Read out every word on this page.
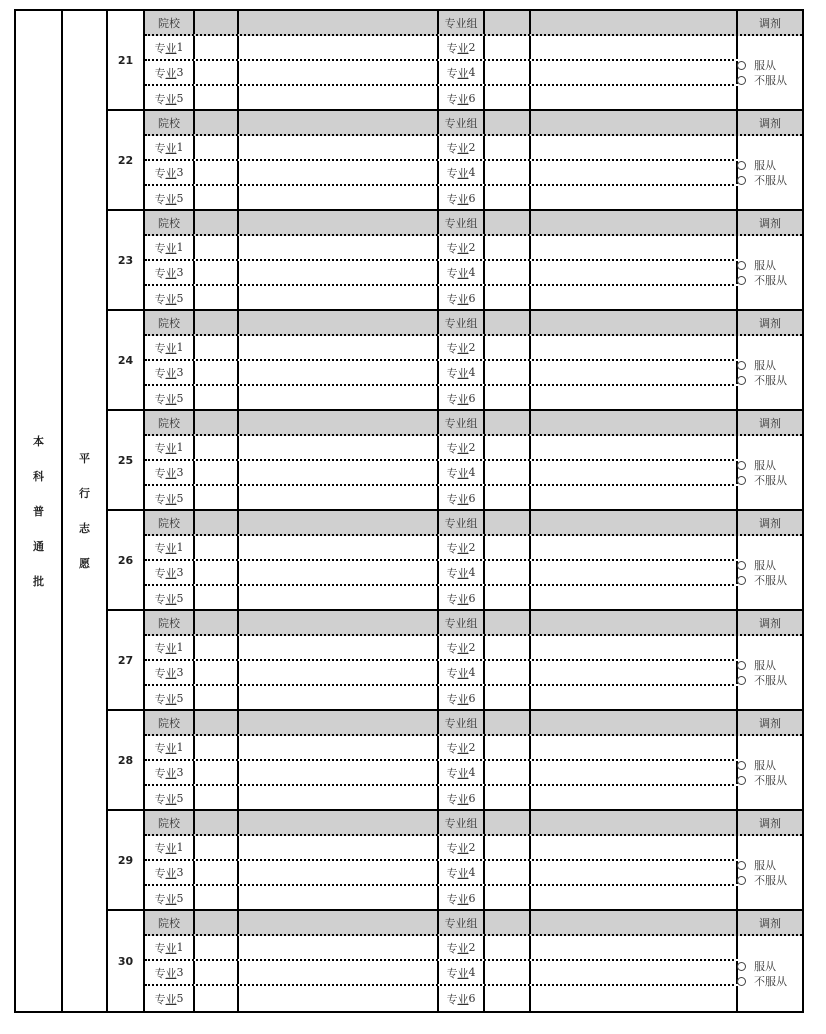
本
科
普
通
批
平
行
志
愿
21
院校	专业组	调剂
专 业 1	专 业 2
专 业 3	专 业 4
专 业 5	专 业 6
服从
不服从
22
院校	专业组	调剂
专 业 1	专 业 2
专 业 3	专 业 4
专 业 5	专 业 6
服从
不服从
23
院校	专业组	调剂
专 业 1	专 业 2
专 业 3	专 业 4
专 业 5	专 业 6
服从
不服从
24
院校	专业组	调剂
专 业 1	专 业 2
专 业 3	专 业 4
专 业 5	专 业 6
服从
不服从
25
院校	专业组	调剂
专 业 1	专 业 2
专 业 3	专 业 4
专 业 5	专 业 6
服从
不服从
26
院校	专业组	调剂
专 业 1	专 业 2
专 业 3	专 业 4
专 业 5	专 业 6
服从
不服从
27
院校	专业组	调剂
专 业 1	专 业 2
专 业 3	专 业 4
专 业 5	专 业 6
服从
不服从
28
院校	专业组	调剂
专 业 1	专 业 2
专 业 3	专 业 4
专 业 5	专 业 6
服从
不服从
29
院校	专业组	调剂
专 业 1	专 业 2
专 业 3	专 业 4
专 业 5	专 业 6
服从
不服从
30
院校	专业组	调剂
专 业 1	专 业 2
专 业 3	专 业 4
专 业 5	专 业 6
服从
不服从
